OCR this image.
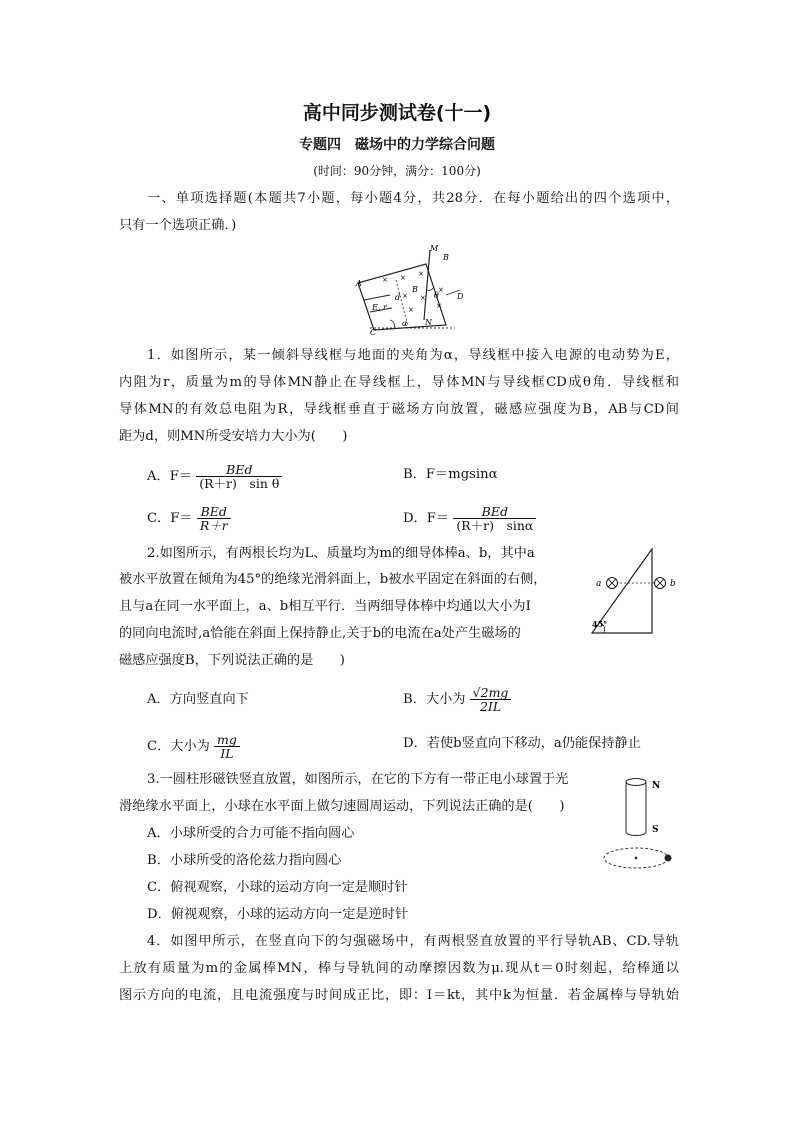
高中同步测试卷(十一)
专题四　磁场中的力学综合问题
(时间：90分钟，满分：100分)
一、单项选择题(本题共7小题，每小题4分，共28分．在每小题给出的四个选项中，
只有一个选项正确．)
× × ×
×
×
×
×
×
M
B
A
E, r
d
B
θ D
C
α N
1．如图所示，某一倾斜导线框与地面的夹角为α，导线框中接入电源的电动势为E，
内阻为r，质量为m的导体MN静止在导线框上，导体MN与导线框CD成θ角．导线框和
导体MN的有效总电阻为R，导线框垂直于磁场方向放置，磁感应强度为B，AB与CD间
距为d，则MN所受安培力大小为(　　)
A．$F= \frac{\text{BEd}}{\text{(R＋r)　sin θ}}$	B．F＝mgsinα
C．$F= \frac{\text{BEd}}{R+r}$	D．$F= \frac{\text{BEd}}{(R+r) \sin\alpha}$
2.如图所示，有两根长均为L、质量均为m的细导体棒a、b，其中a
被水平放置在倾角为45°的绝缘光滑斜面上，b被水平固定在斜面的右侧，
且与a在同一水平面上，a、b相互平行．当两细导体棒中均通以大小为I
的同向电流时,a恰能在斜面上保持静止,关于b的电流在a处产生磁场的
磁感应强度B，下列说法正确的是　　)
a	b
45°
A．方向竖直向下	B．大小为 $\frac{√2mg}{2IL}$
C．大小为 $\frac{mg}{IL}$	D．若使b竖直向下移动，a仍能保持静止
3.一圆柱形磁铁竖直放置，如图所示，在它的下方有一带正电小球置于光
滑绝缘水平面上，小球在水平面上做匀速圆周运动，下列说法正确的是(　　)
A．小球所受的合力可能不指向圆心
B．小球所受的洛伦兹力指向圆心
C．俯视观察，小球的运动方向一定是顺时针
D．俯视观察，小球的运动方向一定是逆时针
N
S
4．如图甲所示，在竖直向下的匀强磁场中，有两根竖直放置的平行导轨AB、CD.导轨
上放有质量为m的金属棒MN，棒与导轨间的动摩擦因数为μ.现从t＝0时刻起，给棒通以
图示方向的电流，且电流强度与时间成正比，即：I＝kt，其中k为恒量．若金属棒与导轨始
